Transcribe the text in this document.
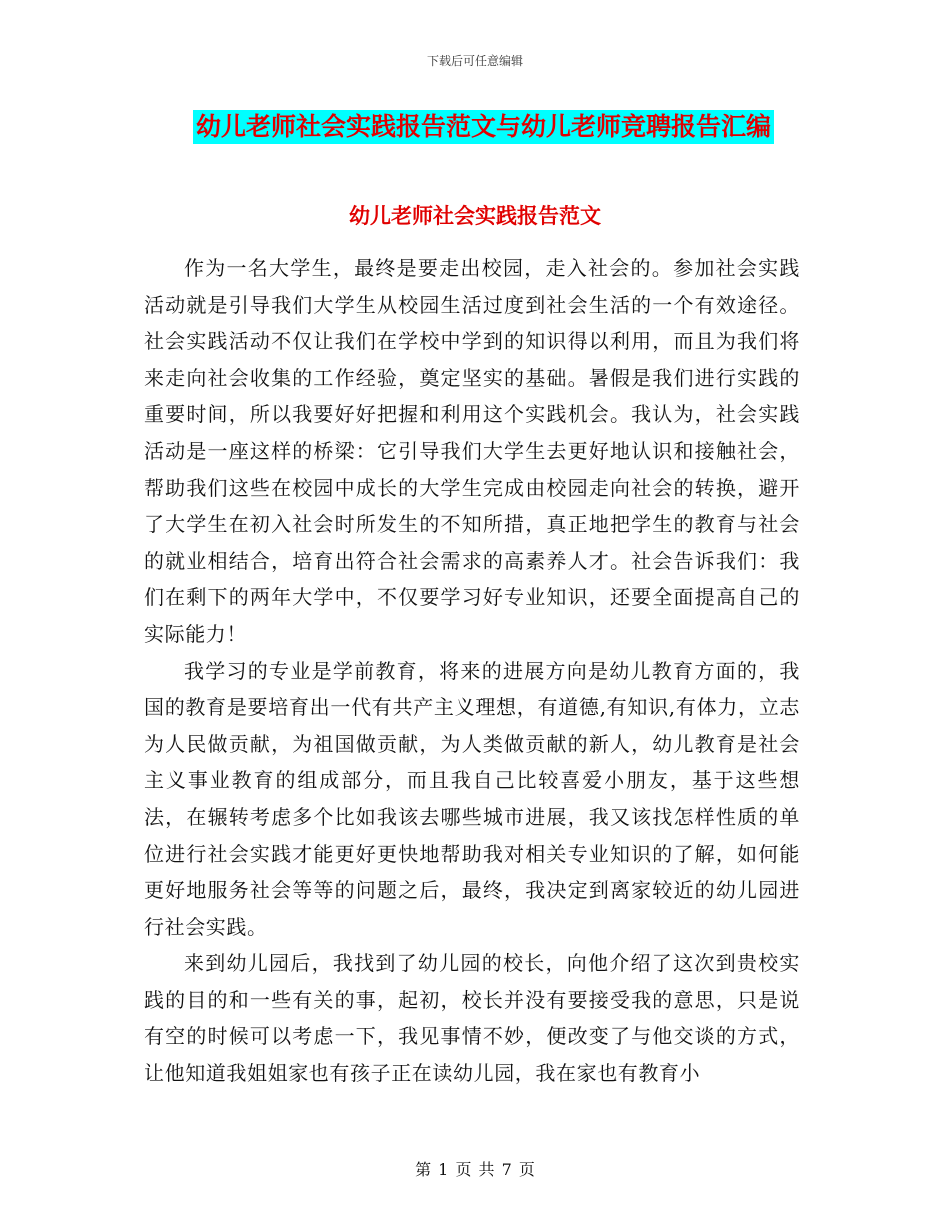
下载后可任意编辑
幼儿老师社会实践报告范文与幼儿老师竞聘报告汇编
幼儿老师社会实践报告范文

作为一名大学生，最终是要走出校园，走入社会的。参加社会实践活动就是引导我们大学生从校园生活过度到社会生活的一个有效途径。社会实践活动不仅让我们在学校中学到的知识得以利用，而且为我们将来走向社会收集的工作经验，奠定坚实的基础。暑假是我们进行实践的重要时间，所以我要好好把握和利用这个实践机会。我认为，社会实践活动是一座这样的桥梁：它引导我们大学生去更好地认识和接触社会，帮助我们这些在校园中成长的大学生完成由校园走向社会的转换，避开了大学生在初入社会时所发生的不知所措，真正地把学生的教育与社会的就业相结合，培育出符合社会需求的高素养人才。社会告诉我们：我们在剩下的两年大学中，不仅要学习好专业知识，还要全面提高自己的实际能力！

我学习的专业是学前教育，将来的进展方向是幼儿教育方面的，我国的教育是要培育出一代有共产主义理想，有道德,有知识,有体力，立志为人民做贡献，为祖国做贡献，为人类做贡献的新人，幼儿教育是社会主义事业教育的组成部分，而且我自己比较喜爱小朋友，基于这些想法，在辗转考虑多个比如我该去哪些城市进展，我又该找怎样性质的单位进行社会实践才能更好更快地帮助我对相关专业知识的了解，如何能更好地服务社会等等的问题之后，最终，我决定到离家较近的幼儿园进行社会实践。

来到幼儿园后，我找到了幼儿园的校长，向他介绍了这次到贵校实践的目的和一些有关的事，起初，校长并没有要接受我的意思，只是说有空的时候可以考虑一下，我见事情不妙，便改变了与他交谈的方式，让他知道我姐姐家也有孩子正在读幼儿园，我在家也有教育小

第 1 页 共 7 页
